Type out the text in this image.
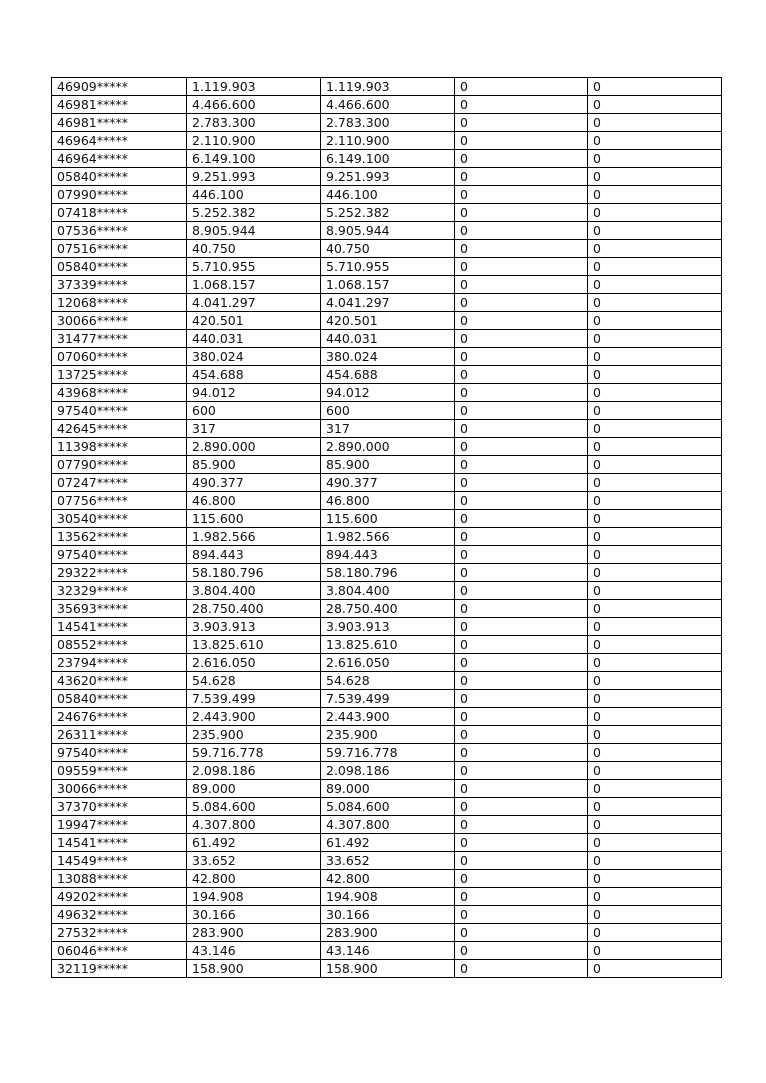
46909*****	1.119.903	1.119.903	0	0
46981*****	4.466.600	4.466.600	0	0
46981*****	2.783.300	2.783.300	0	0
46964*****	2.110.900	2.110.900	0	0
46964*****	6.149.100	6.149.100	0	0
05840*****	9.251.993	9.251.993	0	0
07990*****	446.100	446.100	0	0
07418*****	5.252.382	5.252.382	0	0
07536*****	8.905.944	8.905.944	0	0
07516*****	40.750	40.750	0	0
05840*****	5.710.955	5.710.955	0	0
37339*****	1.068.157	1.068.157	0	0
12068*****	4.041.297	4.041.297	0	0
30066*****	420.501	420.501	0	0
31477*****	440.031	440.031	0	0
07060*****	380.024	380.024	0	0
13725*****	454.688	454.688	0	0
43968*****	94.012	94.012	0	0
97540*****	600	600	0	0
42645*****	317	317	0	0
11398*****	2.890.000	2.890.000	0	0
07790*****	85.900	85.900	0	0
07247*****	490.377	490.377	0	0
07756*****	46.800	46.800	0	0
30540*****	115.600	115.600	0	0
13562*****	1.982.566	1.982.566	0	0
97540*****	894.443	894.443	0	0
29322*****	58.180.796	58.180.796	0	0
32329*****	3.804.400	3.804.400	0	0
35693*****	28.750.400	28.750.400	0	0
14541*****	3.903.913	3.903.913	0	0
08552*****	13.825.610	13.825.610	0	0
23794*****	2.616.050	2.616.050	0	0
43620*****	54.628	54.628	0	0
05840*****	7.539.499	7.539.499	0	0
24676*****	2.443.900	2.443.900	0	0
26311*****	235.900	235.900	0	0
97540*****	59.716.778	59.716.778	0	0
09559*****	2.098.186	2.098.186	0	0
30066*****	89.000	89.000	0	0
37370*****	5.084.600	5.084.600	0	0
19947*****	4.307.800	4.307.800	0	0
14541*****	61.492	61.492	0	0
14549*****	33.652	33.652	0	0
13088*****	42.800	42.800	0	0
49202*****	194.908	194.908	0	0
49632*****	30.166	30.166	0	0
27532*****	283.900	283.900	0	0
06046*****	43.146	43.146	0	0
32119*****	158.900	158.900	0	0
